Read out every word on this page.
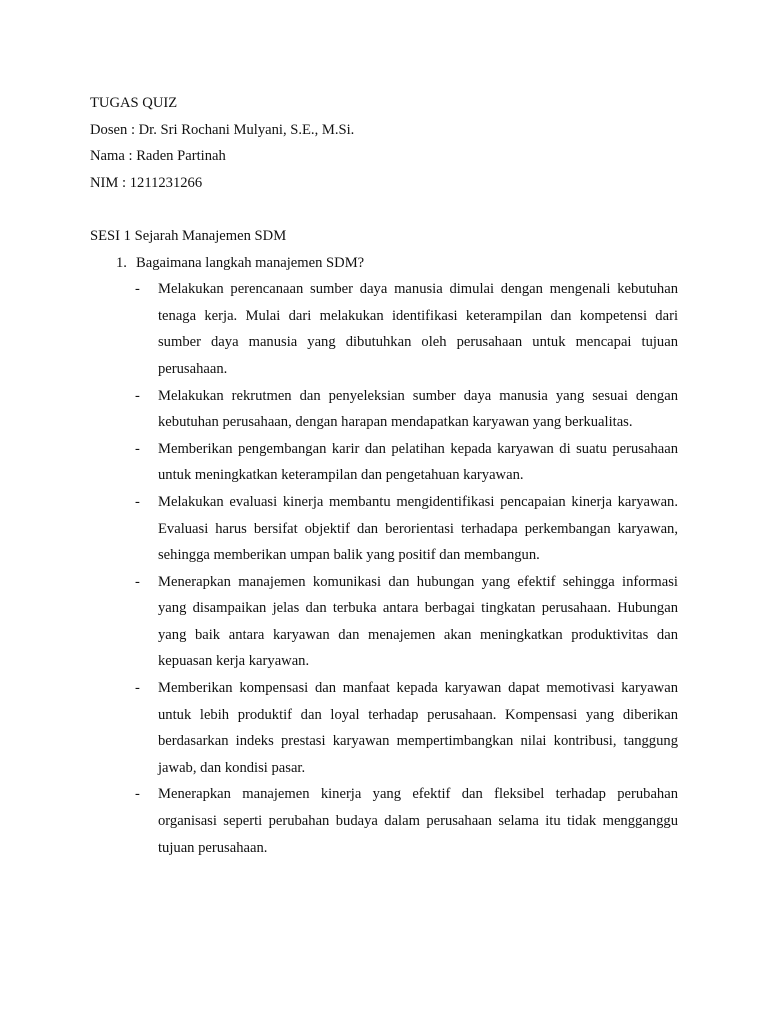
TUGAS QUIZ
Dosen : Dr. Sri Rochani Mulyani, S.E., M.Si.
Nama : Raden Partinah
NIM : 1211231266
SESI 1 Sejarah Manajemen SDM
1. Bagaimana langkah manajemen SDM?
-	Melakukan perencanaan sumber daya manusia dimulai dengan mengenali kebutuhan tenaga kerja. Mulai dari melakukan identifikasi keterampilan dan kompetensi dari sumber daya manusia yang dibutuhkan oleh perusahaan untuk mencapai tujuan perusahaan.
-	Melakukan rekrutmen dan penyeleksian sumber daya manusia yang sesuai dengan kebutuhan perusahaan, dengan harapan mendapatkan karyawan yang berkualitas.
-	Memberikan pengembangan karir dan pelatihan kepada karyawan di suatu perusahaan untuk meningkatkan keterampilan dan pengetahuan karyawan.
-	Melakukan evaluasi kinerja membantu mengidentifikasi pencapaian kinerja karyawan. Evaluasi harus bersifat objektif dan berorientasi terhadapa perkembangan karyawan, sehingga memberikan umpan balik yang positif dan membangun.
-	Menerapkan manajemen komunikasi dan hubungan yang efektif sehingga informasi yang disampaikan jelas dan terbuka antara berbagai tingkatan perusahaan. Hubungan yang baik antara karyawan dan menajemen akan meningkatkan produktivitas dan kepuasan kerja karyawan.
-	Memberikan kompensasi dan manfaat kepada karyawan dapat memotivasi karyawan untuk lebih produktif dan loyal terhadap perusahaan. Kompensasi yang diberikan berdasarkan indeks prestasi karyawan mempertimbangkan nilai kontribusi, tanggung jawab, dan kondisi pasar.
-	Menerapkan manajemen kinerja yang efektif dan fleksibel terhadap perubahan organisasi seperti perubahan budaya dalam perusahaan selama itu tidak mengganggu tujuan perusahaan.
